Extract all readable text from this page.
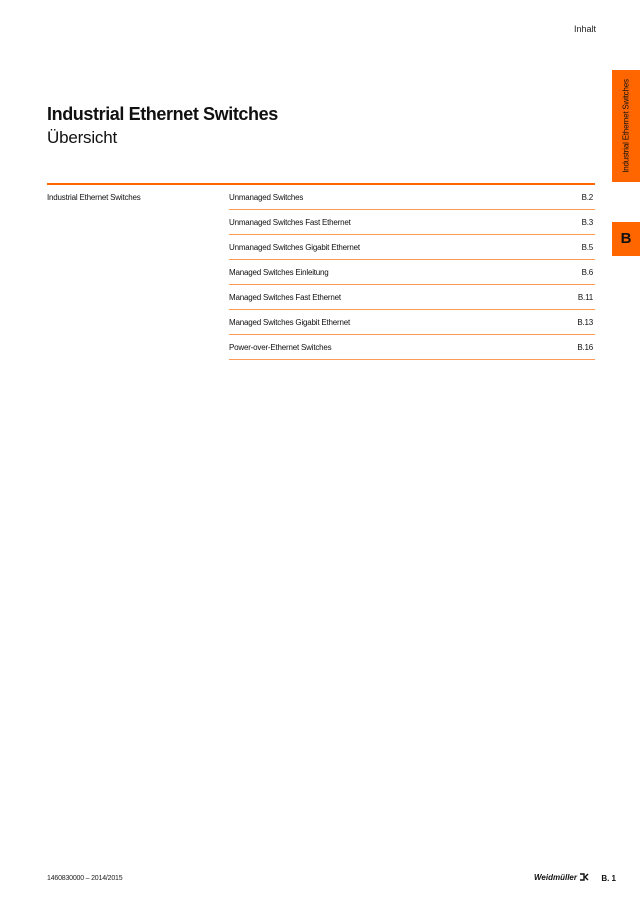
Inhalt
Industrial Ethernet Switches
B
Industrial Ethernet Switches
Übersicht
Industrial Ethernet Switches	Unmanaged Switches	B.2
Unmanaged Switches Fast Ethernet	B.3
Unmanaged Switches Gigabit Ethernet	B.5
Managed Switches Einleitung	B.6
Managed Switches Fast Ethernet	B.11
Managed Switches Gigabit Ethernet	B.13
Power-over-Ethernet Switches	B.16
1460830000 – 2014/2015	Weidmüller	B. 1
